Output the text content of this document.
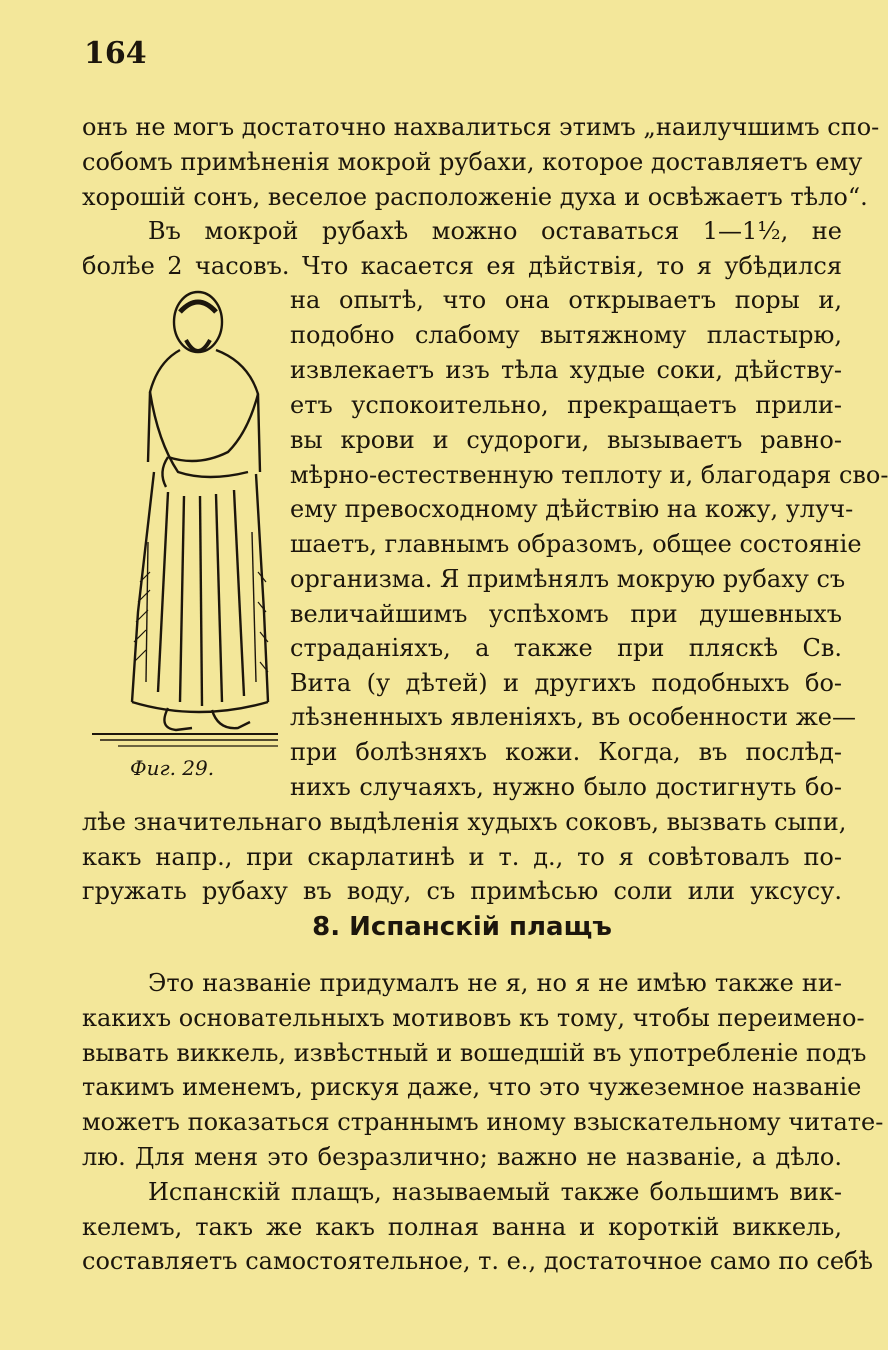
164
онъ не могъ достаточно нахвалиться этимъ „наилучшимъ спо-
собомъ примѣненія мокрой рубахи, которое доставляетъ ему
хорошій сонъ, веселое расположеніе духа и освѣжаетъ тѣло“.
Въ мокрой рубахѣ можно оставаться 1—1½, не
болѣе 2 часовъ. Что касается ея дѣйствія, то я убѣдился
Фиг. 29.
на опытѣ, что она открываетъ поры и,
подобно слабому вытяжному пластырю,
извлекаетъ изъ тѣла худые соки, дѣйству-
етъ успокоительно, прекращаетъ прили-
вы крови и судороги, вызываетъ равно-
мѣрно-естественную теплоту и, благодаря сво-
ему превосходному дѣйствію на кожу, улуч-
шаетъ, главнымъ образомъ, общее состояніе
организма. Я примѣнялъ мокрую рубаху съ
величайшимъ успѣхомъ при душевныхъ
страданіяхъ, а также при пляскѣ Св.
Вита (у дѣтей) и другихъ подобныхъ бо-
лѣзненныхъ явленіяхъ, въ особенности же—
при болѣзняхъ кожи. Когда, въ послѣд-
нихъ случаяхъ, нужно было достигнуть бо-
лѣе значительнаго выдѣленія худыхъ соковъ, вызвать сыпи,
какъ напр., при скарлатинѣ и т. д., то я совѣтовалъ по-
гружать рубаху въ воду, съ примѣсью соли или уксусу.
8. Испанскій плащъ
Это названіе придумалъ не я, но я не имѣю также ни-
какихъ основательныхъ мотивовъ къ тому, чтобы переимено-
вывать виккель, извѣстный и вошедшій въ употребленіе подъ
такимъ именемъ, рискуя даже, что это чужеземное названіе
можетъ показаться страннымъ иному взыскательному читате-
лю. Для меня это безразлично; важно не названіе, а дѣло.
Испанскій плащъ, называемый также большимъ вик-
келемъ, такъ же какъ полная ванна и короткій виккель,
составляетъ самостоятельное, т. е., достаточное само по себѣ
